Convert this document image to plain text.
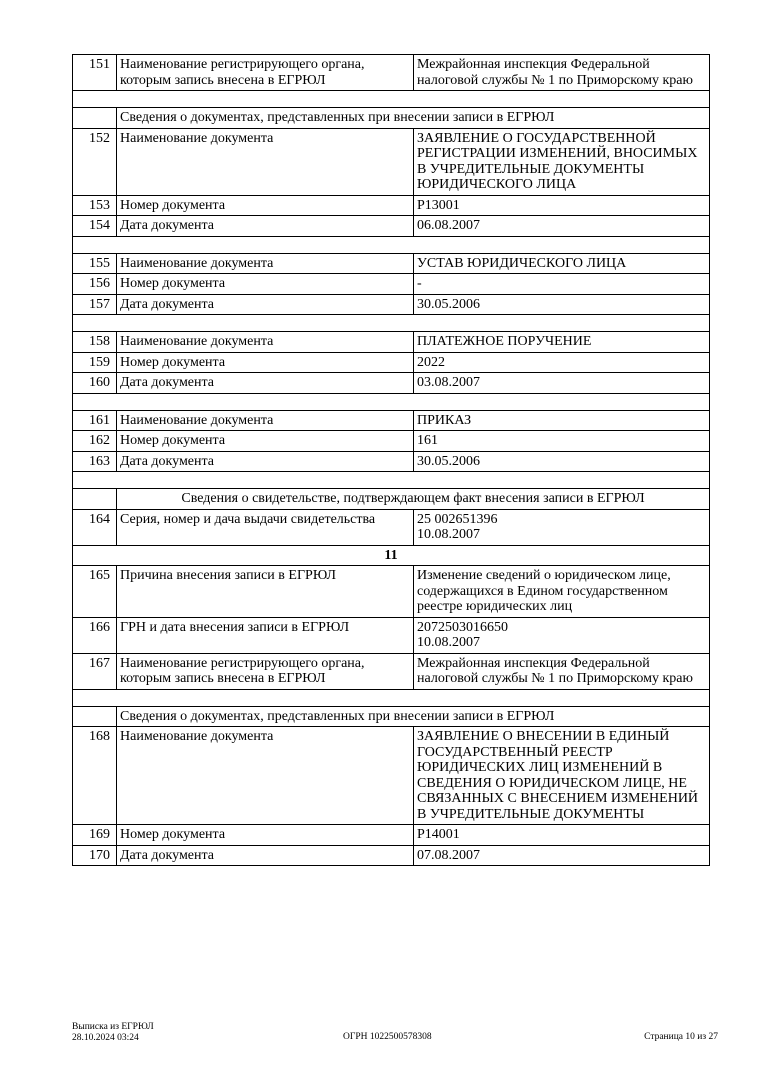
151	Наименование регистрирующего органа, которым запись внесена в ЕГРЮЛ	Межрайонная инспекция Федеральной налоговой службы № 1 по Приморскому краю

	Сведения о документах, представленных при внесении записи в ЕГРЮЛ	
152	Наименование документа	ЗАЯВЛЕНИЕ О ГОСУДАРСТВЕННОЙ РЕГИСТРАЦИИ ИЗМЕНЕНИЙ, ВНОСИМЫХ В УЧРЕДИТЕЛЬНЫЕ ДОКУМЕНТЫ ЮРИДИЧЕСКОГО ЛИЦА
153	Номер документа	Р13001
154	Дата документа	06.08.2007

155	Наименование документа	УСТАВ ЮРИДИЧЕСКОГО ЛИЦА
156	Номер документа	-
157	Дата документа	30.05.2006

158	Наименование документа	ПЛАТЕЖНОЕ ПОРУЧЕНИЕ
159	Номер документа	2022
160	Дата документа	03.08.2007

161	Наименование документа	ПРИКАЗ
162	Номер документа	161
163	Дата документа	30.05.2006

	Сведения о свидетельстве, подтверждающем факт внесения записи в ЕГРЮЛ	
164	Серия, номер и дача выдачи свидетельства	25 002651396
10.08.2007

11		
165	Причина внесения записи в ЕГРЮЛ	Изменение сведений о юридическом лице, содержащихся в Едином государственном реестре юридических лиц
166	ГРН и дата внесения записи в ЕГРЮЛ	2072503016650
10.08.2007

167	Наименование регистрирующего органа, которым запись внесена в ЕГРЮЛ	Межрайонная инспекция Федеральной налоговой службы № 1 по Приморскому краю

	Сведения о документах, представленных при внесении записи в ЕГРЮЛ	
168	Наименование документа	ЗАЯВЛЕНИЕ О ВНЕСЕНИИ В ЕДИНЫЙ ГОСУДАРСТВЕННЫЙ РЕЕСТР ЮРИДИЧЕСКИХ ЛИЦ ИЗМЕНЕНИЙ В СВЕДЕНИЯ О ЮРИДИЧЕСКОМ ЛИЦЕ, НЕ СВЯЗАННЫХ С ВНЕСЕНИЕМ ИЗМЕНЕНИЙ В УЧРЕДИТЕЛЬНЫЕ ДОКУМЕНТЫ
169	Номер документа	Р14001
170	Дата документа	07.08.2007
Выписка из ЕГРЮЛ
28.10.2024 03:24	ОГРН 1022500578308	Страница 10 из 27
